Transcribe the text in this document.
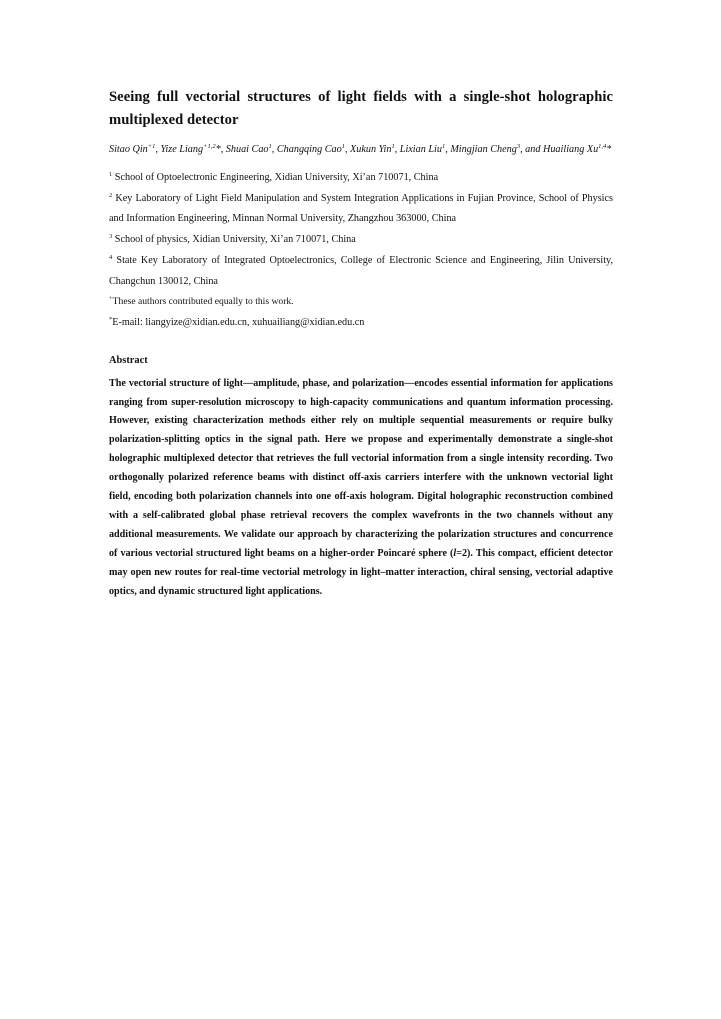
Seeing full vectorial structures of light fields with a single-shot holographic multiplexed detector

Sitao Qin$^{+1}$, Yize Liang$^{+1,2}$*, Shuai Cao$^1$, Changqing Cao$^1$, Xukun Yin$^1$, Lixian Liu$^1$, Mingjian Cheng$^3$, and Huailiang Xu$^{1,4}$*

$^1$ School of Optoelectronic Engineering, Xidian University, Xi’an 710071, China

$^2$ Key Laboratory of Light Field Manipulation and System Integration Applications in Fujian Province, School of Physics and Information Engineering, Minnan Normal University, Zhangzhou 363000, China

$^3$ School of physics, Xidian University, Xi’an 710071, China

$^4$ State Key Laboratory of Integrated Optoelectronics, College of Electronic Science and Engineering, Jilin University, Changchun 130012, China

+These authors contributed equally to this work.

*E-mail: liangyize@xidian.edu.cn, xuhuailiang@xidian.edu.cn

Abstract

The vectorial structure of light—amplitude, phase, and polarization—encodes essential information for applications ranging from super-resolution microscopy to high-capacity communications and quantum information processing. However, existing characterization methods either rely on multiple sequential measurements or require bulky polarization-splitting optics in the signal path. Here we propose and experimentally demonstrate a single-shot holographic multiplexed detector that retrieves the full vectorial information from a single intensity recording. Two orthogonally polarized reference beams with distinct off-axis carriers interfere with the unknown vectorial light field, encoding both polarization channels into one off-axis hologram. Digital holographic reconstruction combined with a self-calibrated global phase retrieval recovers the complex wavefronts in the two channels without any additional measurements. We validate our approach by characterizing the polarization structures and concurrence of various vectorial structured light beams on a higher-order Poincaré sphere (l=2). This compact, efficient detector may open new routes for real-time vectorial metrology in light–matter interaction, chiral sensing, vectorial adaptive optics, and dynamic structured light applications.
